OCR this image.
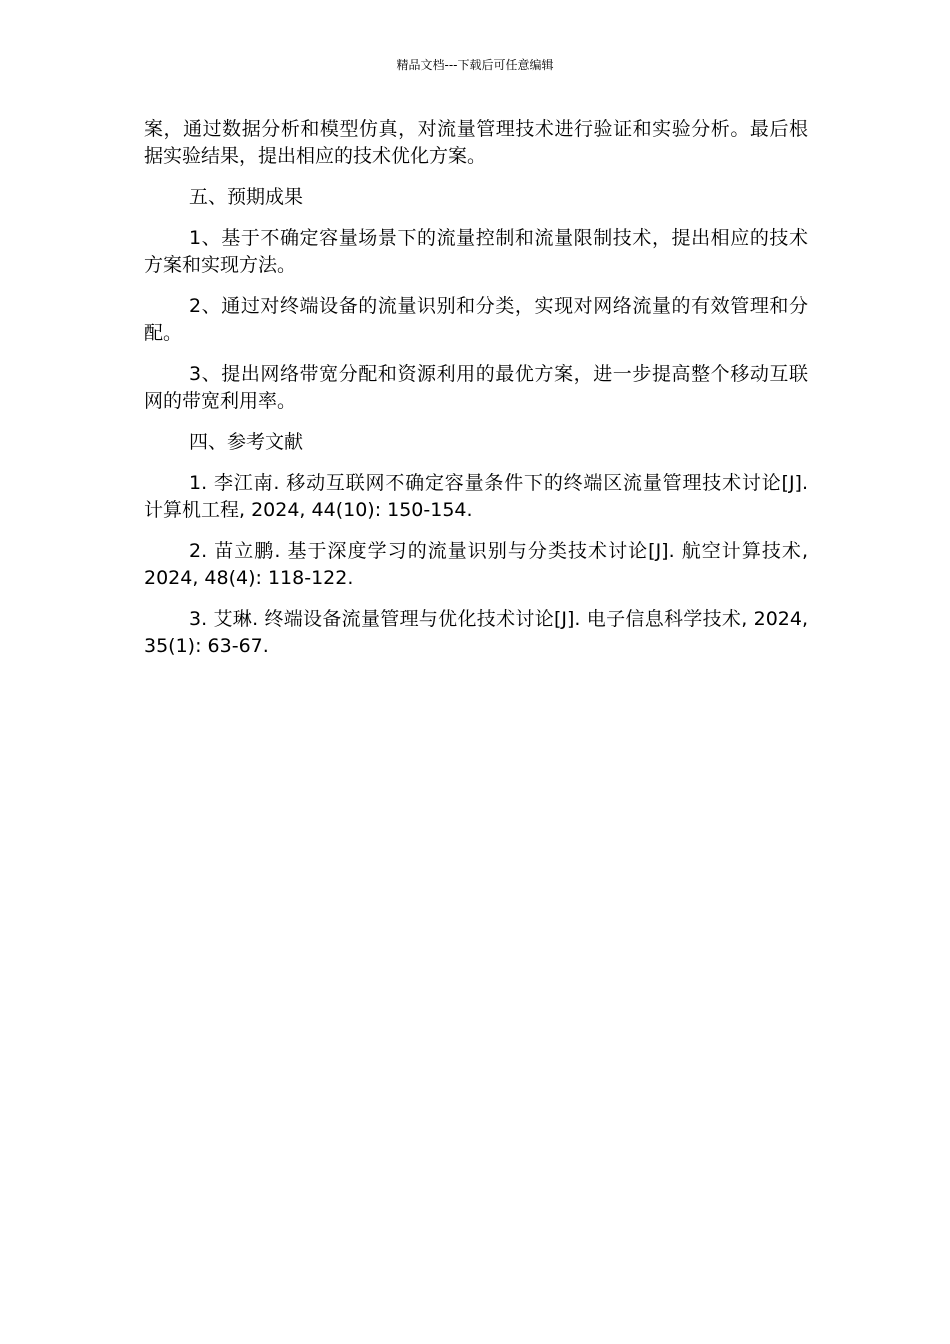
精品文档---下载后可任意编辑

案，通过数据分析和模型仿真，对流量管理技术进行验证和实验分析。最后根据实验结果，提出相应的技术优化方案。

五、预期成果

1、基于不确定容量场景下的流量控制和流量限制技术，提出相应的技术方案和实现方法。

2、通过对终端设备的流量识别和分类，实现对网络流量的有效管理和分配。

3、提出网络带宽分配和资源利用的最优方案，进一步提高整个移动互联网的带宽利用率。

四、参考文献

1. 李江南. 移动互联网不确定容量条件下的终端区流量管理技术讨论[J]. 计算机工程, 2024, 44(10): 150-154.

2. 苗立鹏. 基于深度学习的流量识别与分类技术讨论[J]. 航空计算技术, 2024, 48(4): 118-122.

3. 艾琳. 终端设备流量管理与优化技术讨论[J]. 电子信息科学技术, 2024, 35(1): 63-67.
